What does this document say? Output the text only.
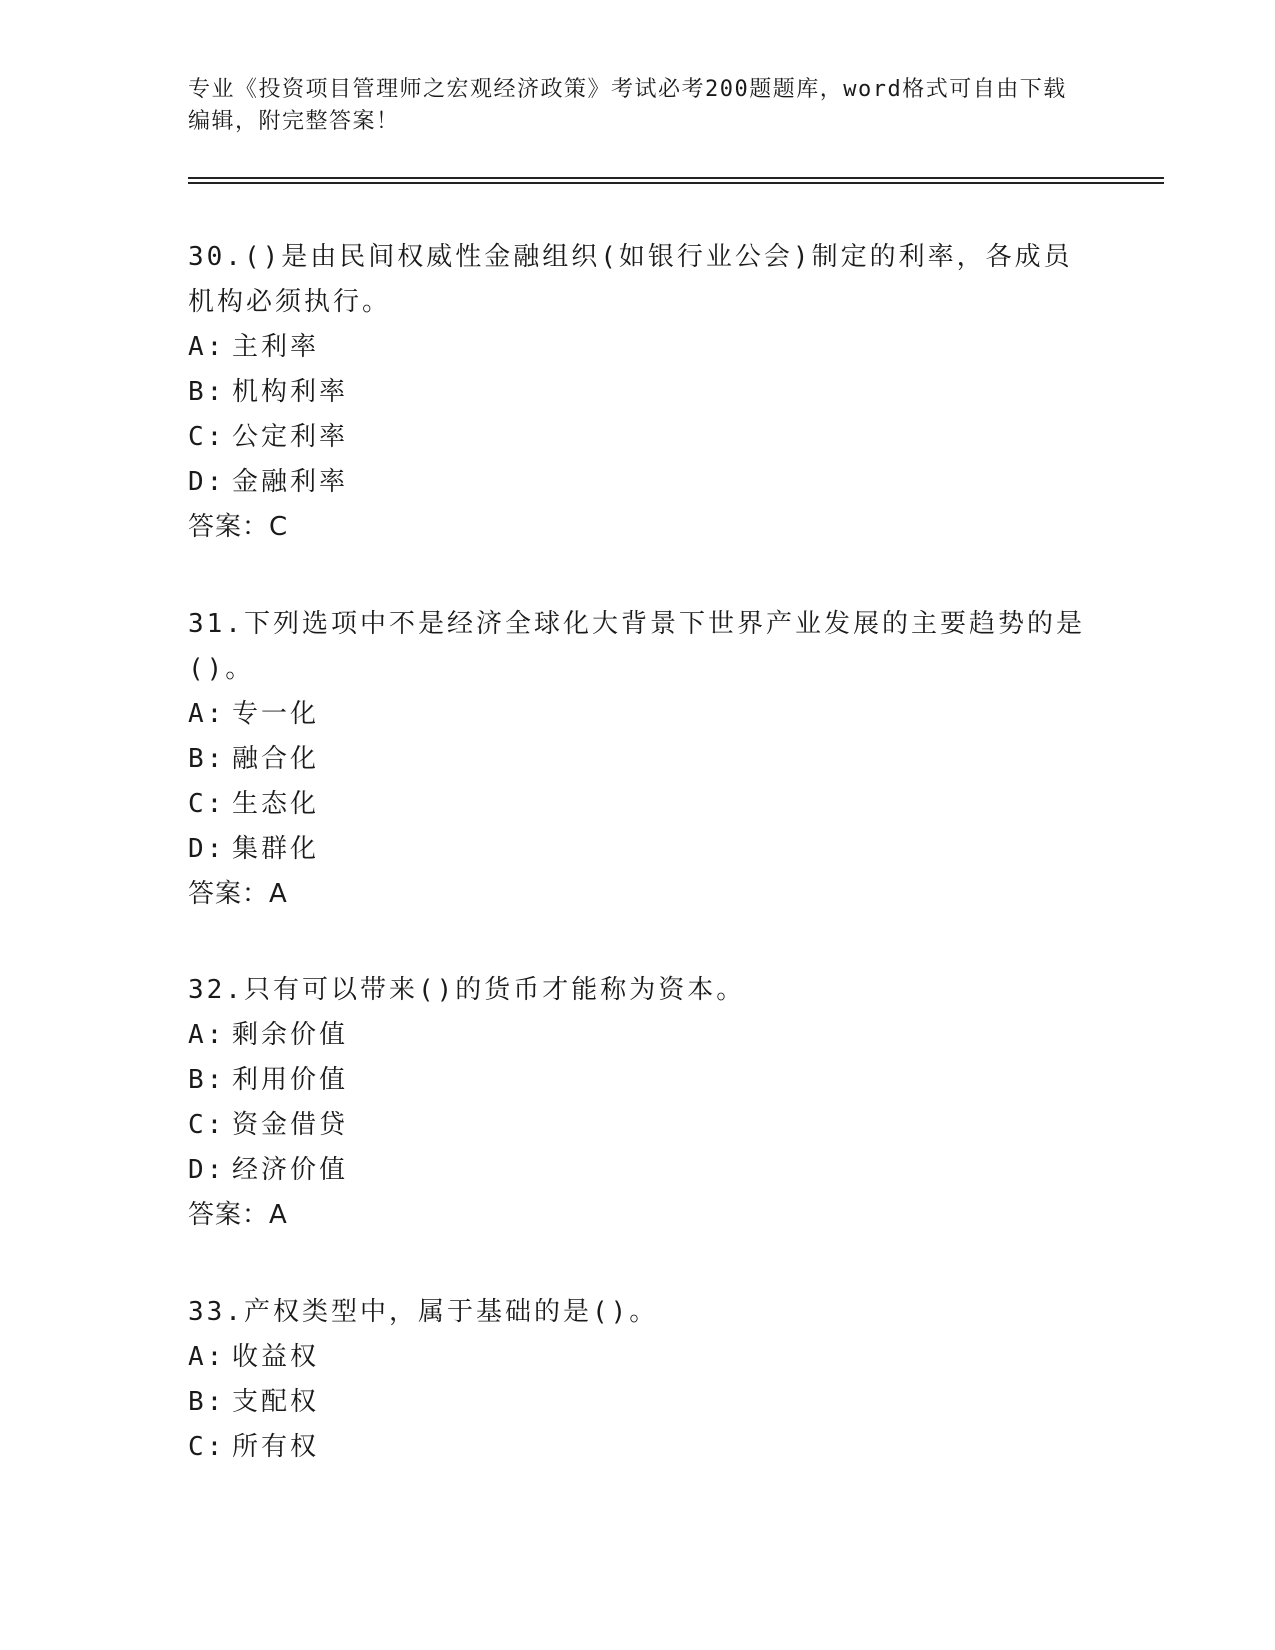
专业《投资项目管理师之宏观经济政策》考试必考200题题库，word格式可自由下载编辑，附完整答案！

30.()是由民间权威性金融组织(如银行业公会)制定的利率，各成员机构必须执行。

A: 主利率
B: 机构利率
C: 公定利率
D: 金融利率

答案：C

31.下列选项中不是经济全球化大背景下世界产业发展的主要趋势的是()。

A: 专一化
B: 融合化
C: 生态化
D: 集群化

答案：A

32.只有可以带来()的货币才能称为资本。

A: 剩余价值
B: 利用价值
C: 资金借贷
D: 经济价值

答案：A

33.产权类型中，属于基础的是()。

A: 收益权
B: 支配权
C: 所有权
